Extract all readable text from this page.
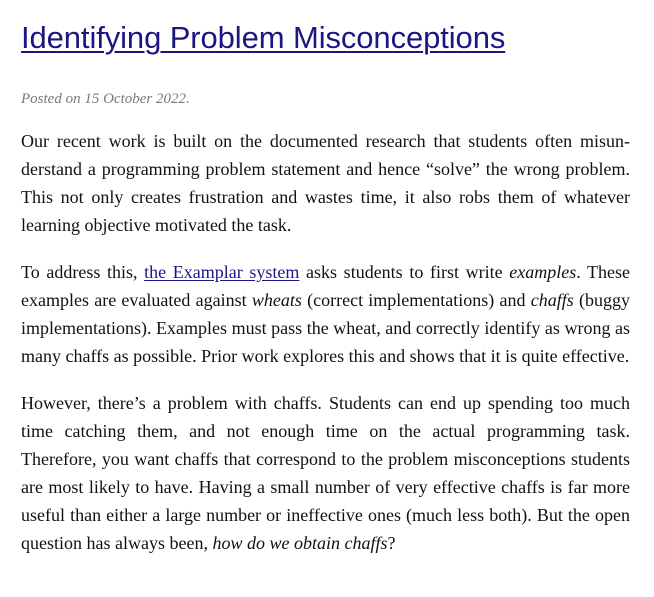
Identifying Problem Misconceptions

Posted on 15 October 2022.

Our recent work is built on the documented research that students often misunderstand a programming problem statement and hence “solve” the wrong problem. This not only creates frustration and wastes time, it also robs them of whatever learning objective motivated the task.

To address this, the Examplar system asks students to first write examples. These examples are evaluated against wheats (correct implementations) and chaffs (buggy implementations). Examples must pass the wheat, and correctly identify as wrong as many chaffs as possible. Prior work explores this and shows that it is quite effective.

However, there’s a problem with chaffs. Students can end up spending too much time catching them, and not enough time on the actual programming task. Therefore, you want chaffs that correspond to the problem misconceptions students are most likely to have. Having a small number of very effective chaffs is far more useful than either a large number or ineffective ones (much less both). But the open question has always been, how do we obtain chaffs?
